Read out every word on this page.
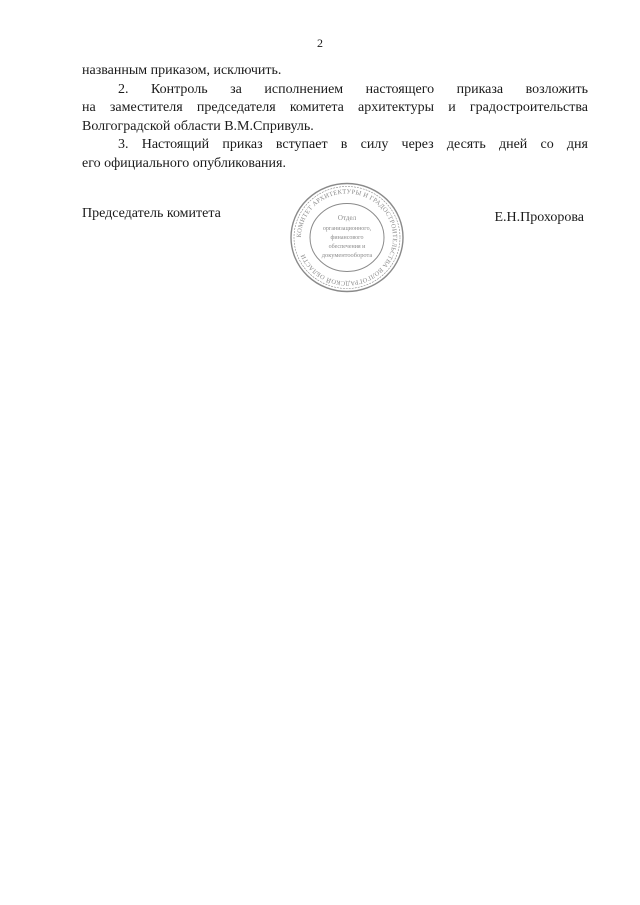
2
названным приказом, исключить.
2. Контроль за исполнением настоящего приказа возложить
на заместителя председателя комитета архитектуры и градостроительства
Волгоградской области В.М.Спривуль.
3. Настоящий приказ вступает в силу через десять дней со дня
его официального опубликования.
Председатель комитета	Е.Н.Прохорова
КОМИТЕТ АРХИТЕКТУРЫ И ГРАДОСТРОИТЕЛЬСТВА ВОЛГОГРАДСКОЙ ОБЛАСТИ
Отдел
организационного,
финансового
обеспечения и
документооборота
